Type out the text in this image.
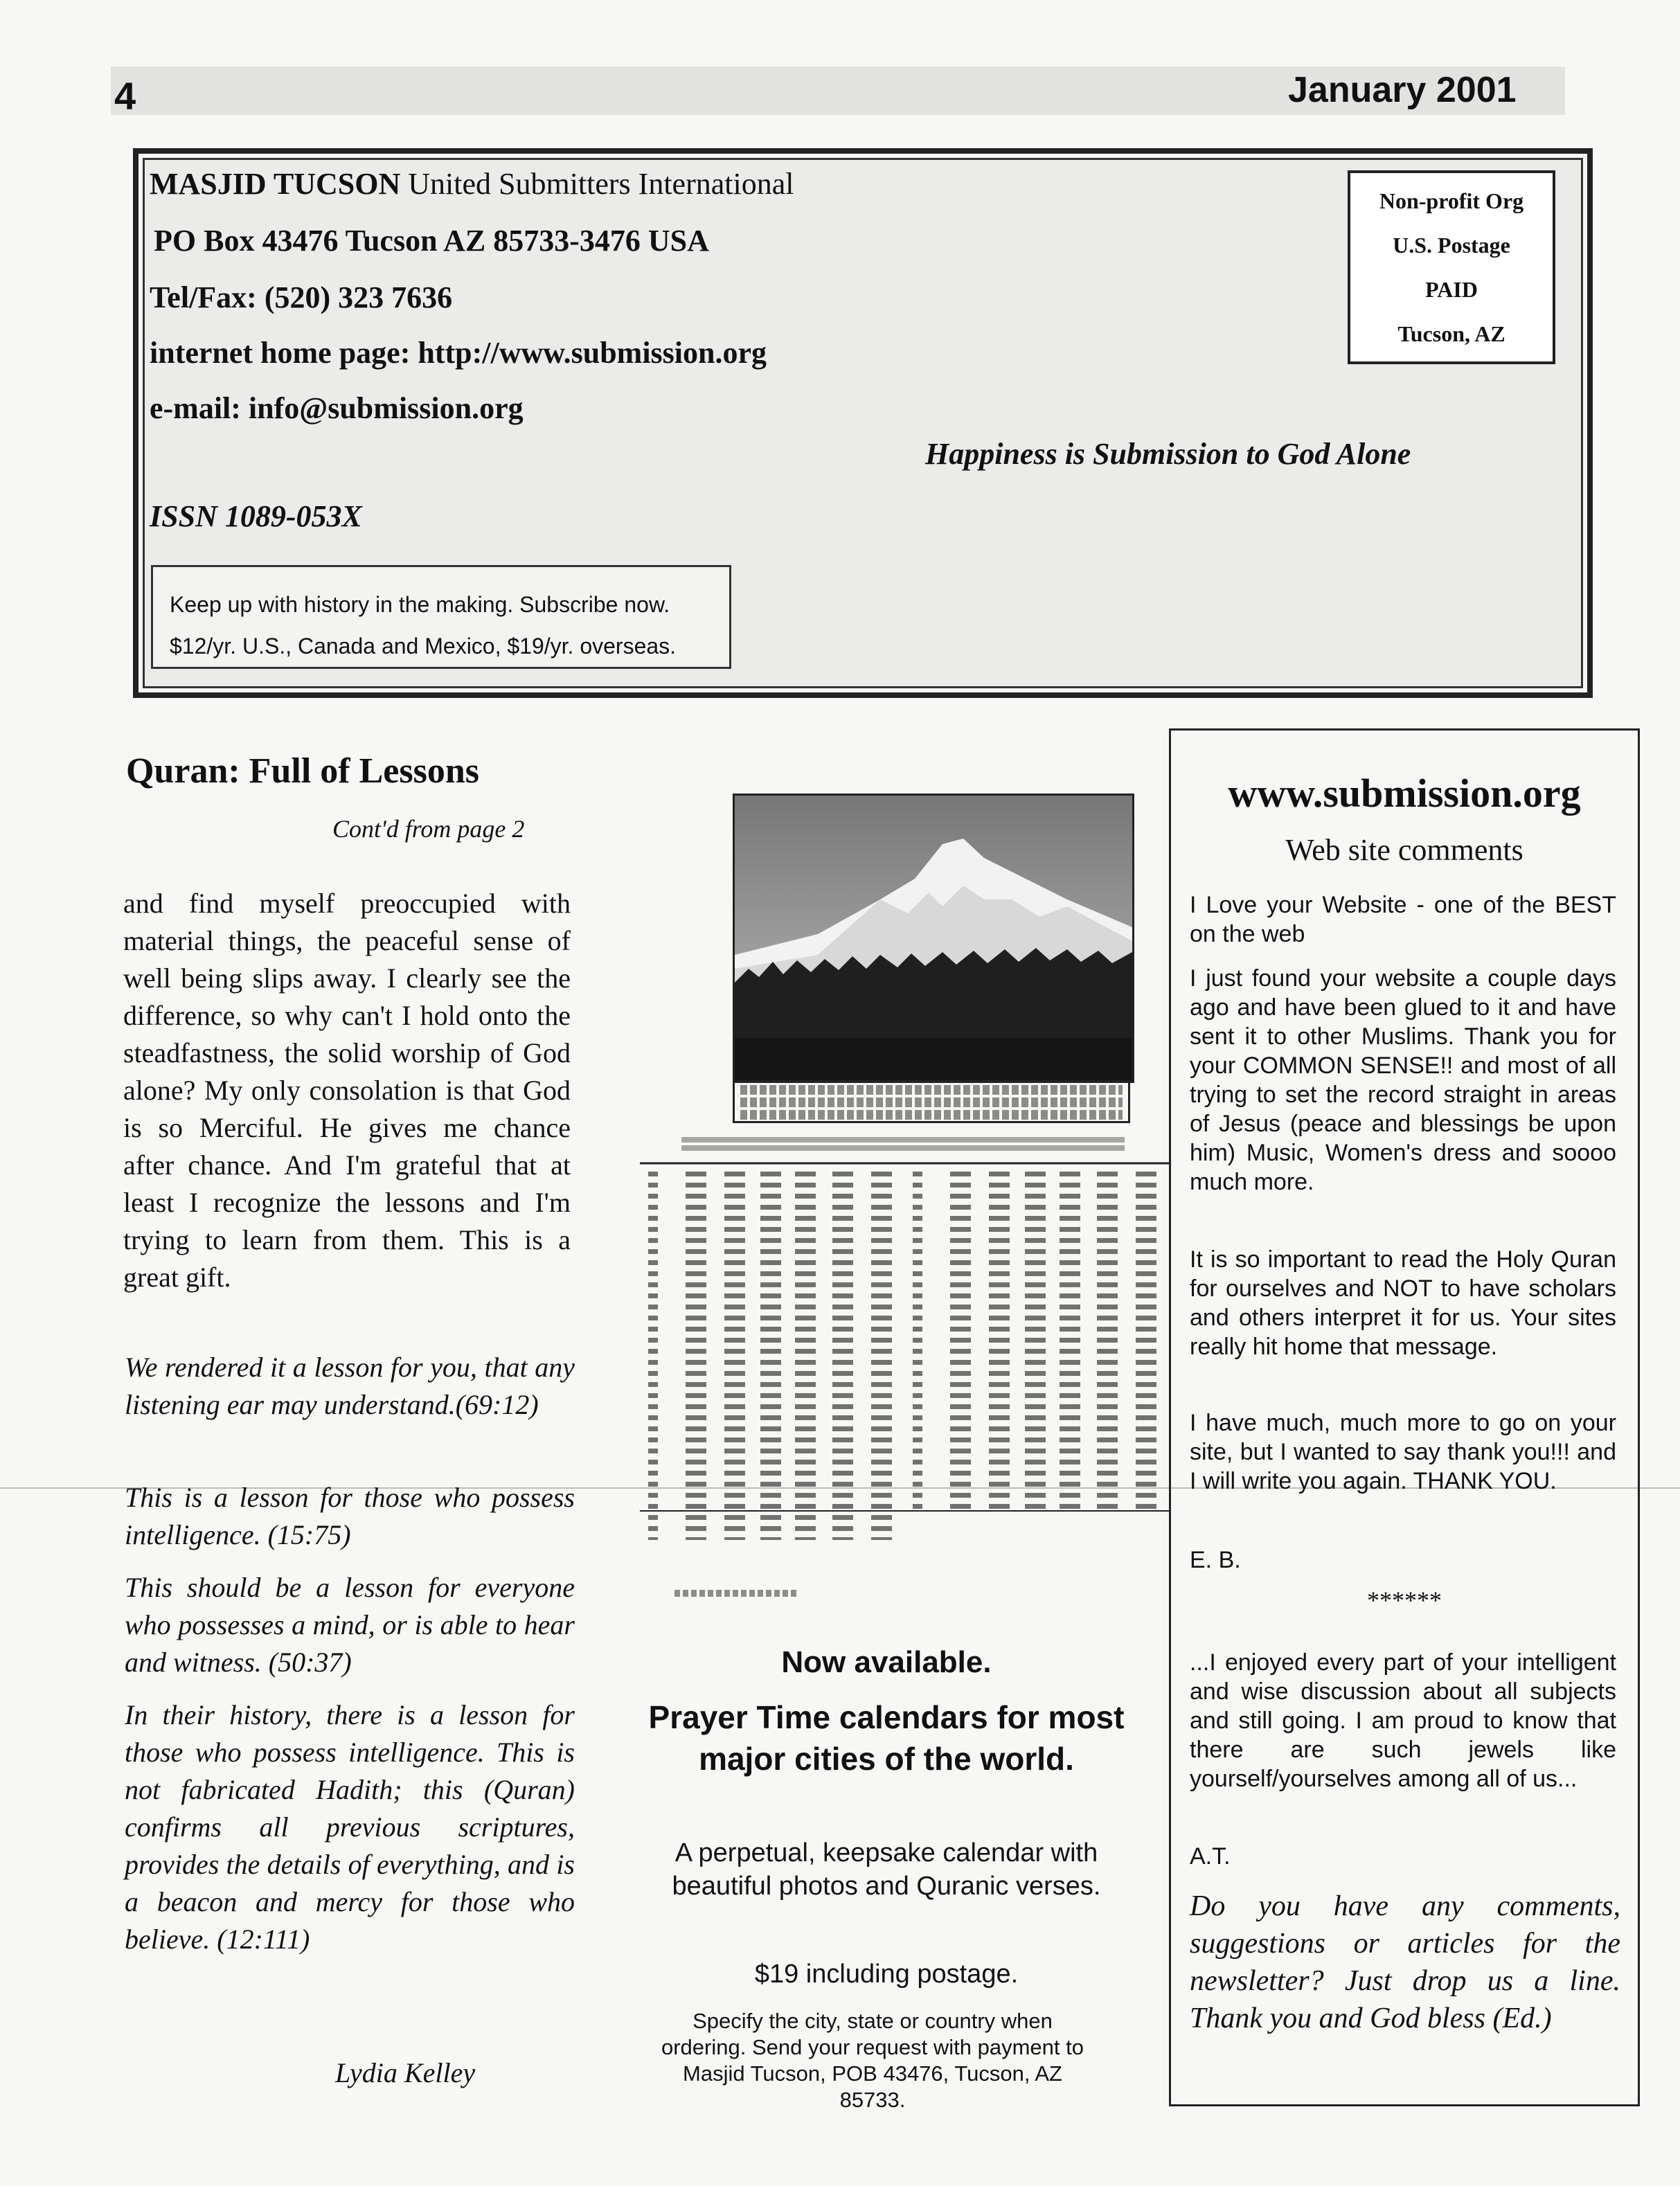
4	January 2001
MASJID TUCSON United Submitters International
PO Box 43476 Tucson AZ 85733-3476 USA
Tel/Fax: (520) 323 7636
internet home page: http://www.submission.org
e-mail: info@submission.org
Non-profit Org
U.S. Postage
PAID
Tucson, AZ
Happiness is Submission to God Alone
ISSN 1089-053X
Keep up with history in the making. Subscribe now.
$12/yr. U.S., Canada and Mexico, $19/yr. overseas.
Quran: Full of Lessons
Cont'd from page 2
and find myself preoccupied with material things, the peaceful sense of well being slips away. I clearly see the difference, so why can't I hold onto the steadfastness, the solid worship of God alone? My only consolation is that God is so Merciful. He gives me chance after chance. And I'm grateful that at least I recognize the lessons and I'm trying to learn from them. This is a great gift.
We rendered it a lesson for you, that any listening ear may understand.(69:12)
This is a lesson for those who possess intelligence. (15:75)
This should be a lesson for everyone who possesses a mind, or is able to hear and witness. (50:37)
In their history, there is a lesson for those who possess intelligence. This is not fabricated Hadith; this (Quran) confirms all previous scriptures, provides the details of everything, and is a beacon and mercy for those who believe. (12:111)
Lydia Kelley
Now available.
Prayer Time calendars for most major cities of the world.
A perpetual, keepsake calendar with beautiful photos and Quranic verses.
$19 including postage.
Specify the city, state or country when ordering. Send your request with payment to Masjid Tucson, POB 43476, Tucson, AZ 85733.
www.submission.org
Web site comments
I Love your Website - one of the BEST on the web
I just found your website a couple days ago and have been glued to it and have sent it to other Muslims. Thank you for your COMMON SENSE!! and most of all trying to set the record straight in areas of Jesus (peace and blessings be upon him) Music, Women's dress and soooo much more.
It is so important to read the Holy Quran for ourselves and NOT to have scholars and others interpret it for us. Your sites really hit home that message.
I have much, much more to go on your site, but I wanted to say thank you!!! and I will write you again. THANK YOU.
E. B.
******
...I enjoyed every part of your intelligent and wise discussion about all subjects and still going. I am proud to know that there are such jewels like yourself/yourselves among all of us...
A.T.
Do you have any comments, suggestions or articles for the newsletter? Just drop us a line. Thank you and God bless (Ed.)
